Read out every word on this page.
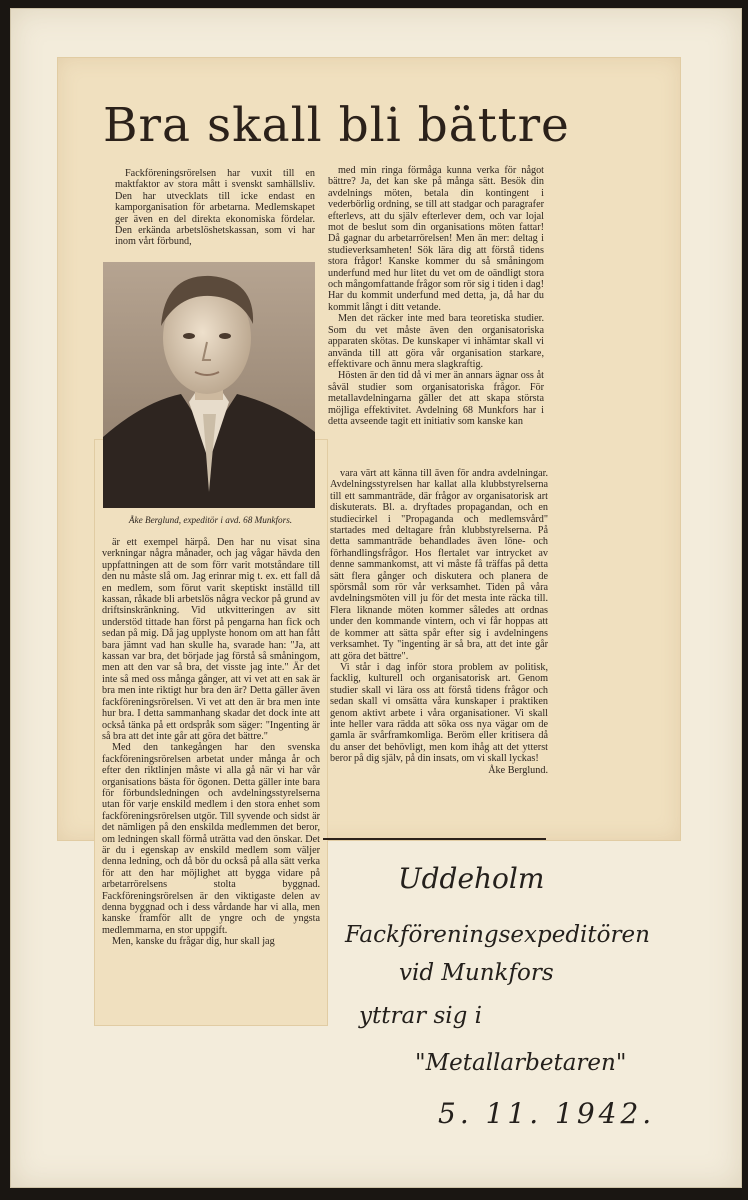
Bra skall bli bättre

Fackföreningsrörelsen har vuxit till en maktfaktor av stora mått i svenskt samhällsliv. Den har utvecklats till icke endast en kamporganisation för arbetarna. Medlemskapet ger även en del direkta ekonomiska fördelar. Den erkända arbetslöshetskassan, som vi har inom vårt förbund,

Åke Berglund, expeditör i avd. 68 Munkfors.

är ett exempel härpå. Den har nu visat sina verkningar några månader, och jag vågar hävda den uppfattningen att de som förr varit motståndare till den nu måste slå om. Jag erinrar mig t. ex. ett fall då en medlem, som förut varit skeptiskt inställd till kassan, råkade bli arbetslös några veckor på grund av driftsinskränkning. Vid utkvitteringen av sitt understöd tittade han först på pengarna han fick och sedan på mig. Då jag upplyste honom om att han fått bara jämnt vad han skulle ha, svarade han: "Ja, att kassan var bra, det började jag förstå så småningom, men att den var så bra, det visste jag inte." Är det inte så med oss många gånger, att vi vet att en sak är bra men inte riktigt hur bra den är? Detta gäller även fackföreningsrörelsen. Vi vet att den är bra men inte hur bra. I detta sammanhang skadar det dock inte att också tänka på ett ordspråk som säger: "Ingenting är så bra att det inte går att göra det bättre."

Med den tankegången har den svenska fackföreningsrörelsen arbetat under många år och efter den riktlinjen måste vi alla gå när vi har vår organisations bästa för ögonen. Detta gäller inte bara för förbundsledningen och avdelningsstyrelserna utan för varje enskild medlem i den stora enhet som fackföreningsrörelsen utgör. Till syvende och sidst är det nämligen på den enskilda medlemmen det beror, om ledningen skall förmå uträtta vad den önskar. Det är du i egenskap av enskild medlem som väljer denna ledning, och då bör du också på alla sätt verka för att den har möjlighet att bygga vidare på arbetarrörelsens stolta byggnad. Fackföreningsrörelsen är den viktigaste delen av denna byggnad och i dess vårdande har vi alla, men kanske framför allt de yngre och de yngsta medlemmarna, en stor uppgift.

Men, kanske du frågar dig, hur skall jag

med min ringa förmåga kunna verka för något bättre? Ja, det kan ske på många sätt. Besök din avdelnings möten, betala din kontingent i vederbörlig ordning, se till att stadgar och paragrafer efterlevs, att du själv efterlever dem, och var lojal mot de beslut som din organisations möten fattar! Då gagnar du arbetarrörelsen! Men än mer: deltag i studieverksamheten! Sök lära dig att förstå tidens stora frågor! Kanske kommer du så småningom underfund med hur litet du vet om de oändligt stora och mångomfattande frågor som rör sig i tiden i dag! Har du kommit underfund med detta, ja, då har du kommit långt i ditt vetande.

Men det räcker inte med bara teoretiska studier. Som du vet måste även den organisatoriska apparaten skötas. De kunskaper vi inhämtar skall vi använda till att göra vår organisation starkare, effektivare och ännu mera slagkraftig.

Hösten är den tid då vi mer än annars ägnar oss åt såväl studier som organisatoriska frågor. För metallavdelningarna gäller det att skapa största möjliga effektivitet. Avdelning 68 Munkfors har i detta avseende tagit ett initiativ som kanske kan

vara värt att känna till även för andra avdelningar. Avdelningsstyrelsen har kallat alla klubbstyrelserna till ett sammanträde, där frågor av organisatorisk art diskuterats. Bl. a. dryftades propagandan, och en studiecirkel i "Propaganda och medlemsvård" startades med deltagare från klubbstyrelserna. På detta sammanträde behandlades även löne- och förhandlingsfrågor. Hos flertalet var intrycket av denne sammankomst, att vi måste få träffas på detta sätt flera gånger och diskutera och planera de spörsmål som rör vår verksamhet. Tiden på våra avdelningsmöten vill ju för det mesta inte räcka till. Flera liknande möten kommer således att ordnas under den kommande vintern, och vi får hoppas att de kommer att sätta spår efter sig i avdelningens verksamhet. Ty "ingenting är så bra, att det inte går att göra det bättre".

Vi står i dag inför stora problem av politisk, facklig, kulturell och organisatorisk art. Genom studier skall vi lära oss att förstå tidens frågor och sedan skall vi omsätta våra kunskaper i praktiken genom aktivt arbete i våra organisationer. Vi skall inte heller vara rädda att söka oss nya vägar om de gamla är svårframkomliga. Beröm eller kritisera då du anser det behövligt, men kom ihåg att det ytterst beror på dig själv, på din insats, om vi skall lyckas!

Åke Berglund.

Uddeholm

Fackföreningsexpeditören

vid Munkfors

yttrar sig i

"Metallarbetaren"

5. 11. 1942.
